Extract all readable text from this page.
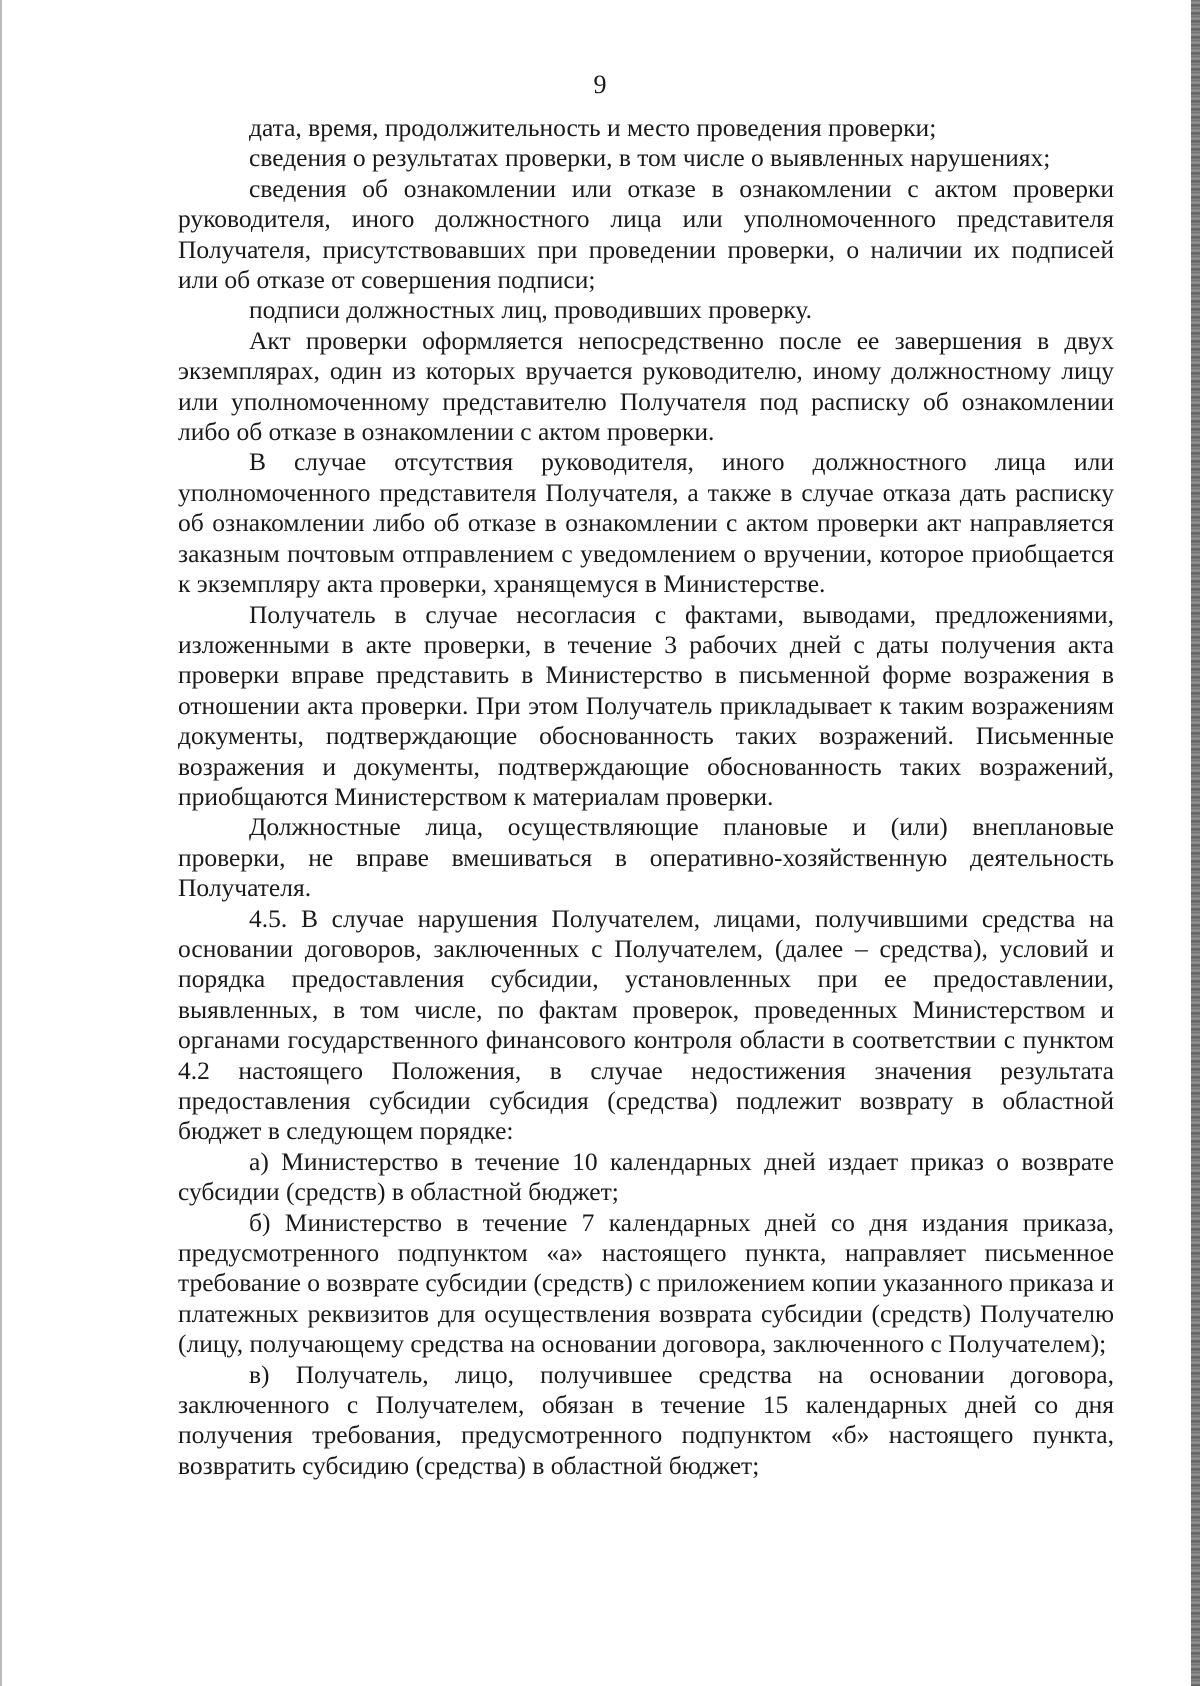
9

дата, время, продолжительность и место проведения проверки;

сведения о результатах проверки, в том числе о выявленных нарушениях;

сведения об ознакомлении или отказе в ознакомлении с актом проверки руководителя, иного должностного лица или уполномоченного представителя Получателя, присутствовавших при проведении проверки, о наличии их подписей или об отказе от совершения подписи;

подписи должностных лиц, проводивших проверку.

Акт проверки оформляется непосредственно после ее завершения в двух экземплярах, один из которых вручается руководителю, иному должностному лицу или уполномоченному представителю Получателя под расписку об ознакомлении либо об отказе в ознакомлении с актом проверки.

В случае отсутствия руководителя, иного должностного лица или уполномоченного представителя Получателя, а также в случае отказа дать расписку об ознакомлении либо об отказе в ознакомлении с актом проверки акт направляется заказным почтовым отправлением с уведомлением о вручении, которое приобщается к экземпляру акта проверки, хранящемуся в Министерстве.

Получатель в случае несогласия с фактами, выводами, предложениями, изложенными в акте проверки, в течение 3 рабочих дней с даты получения акта проверки вправе представить в Министерство в письменной форме возражения в отношении акта проверки. При этом Получатель прикладывает к таким возражениям документы, подтверждающие обоснованность таких возражений. Письменные возражения и документы, подтверждающие обоснованность таких возражений, приобщаются Министерством к материалам проверки.

Должностные лица, осуществляющие плановые и (или) внеплановые проверки, не вправе вмешиваться в оперативно-хозяйственную деятельность Получателя.

4.5. В случае нарушения Получателем, лицами, получившими средства на основании договоров, заключенных с Получателем, (далее – средства), условий и порядка предоставления субсидии, установленных при ее предоставлении, выявленных, в том числе, по фактам проверок, проведенных Министерством и органами государственного финансового контроля области в соответствии с пунктом 4.2 настоящего Положения, в случае недостижения значения результата предоставления субсидии субсидия (средства) подлежит возврату в областной бюджет в следующем порядке:

а) Министерство в течение 10 календарных дней издает приказ о возврате субсидии (средств) в областной бюджет;

б) Министерство в течение 7 календарных дней со дня издания приказа, предусмотренного подпунктом «а» настоящего пункта, направляет письменное требование о возврате субсидии (средств) с приложением копии указанного приказа и платежных реквизитов для осуществления возврата субсидии (средств) Получателю (лицу, получающему средства на основании договора, заключенного с Получателем);

в) Получатель, лицо, получившее средства на основании договора, заключенного с Получателем, обязан в течение 15 календарных дней со дня получения требования, предусмотренного подпунктом «б» настоящего пункта, возвратить субсидию (средства) в областной бюджет;
